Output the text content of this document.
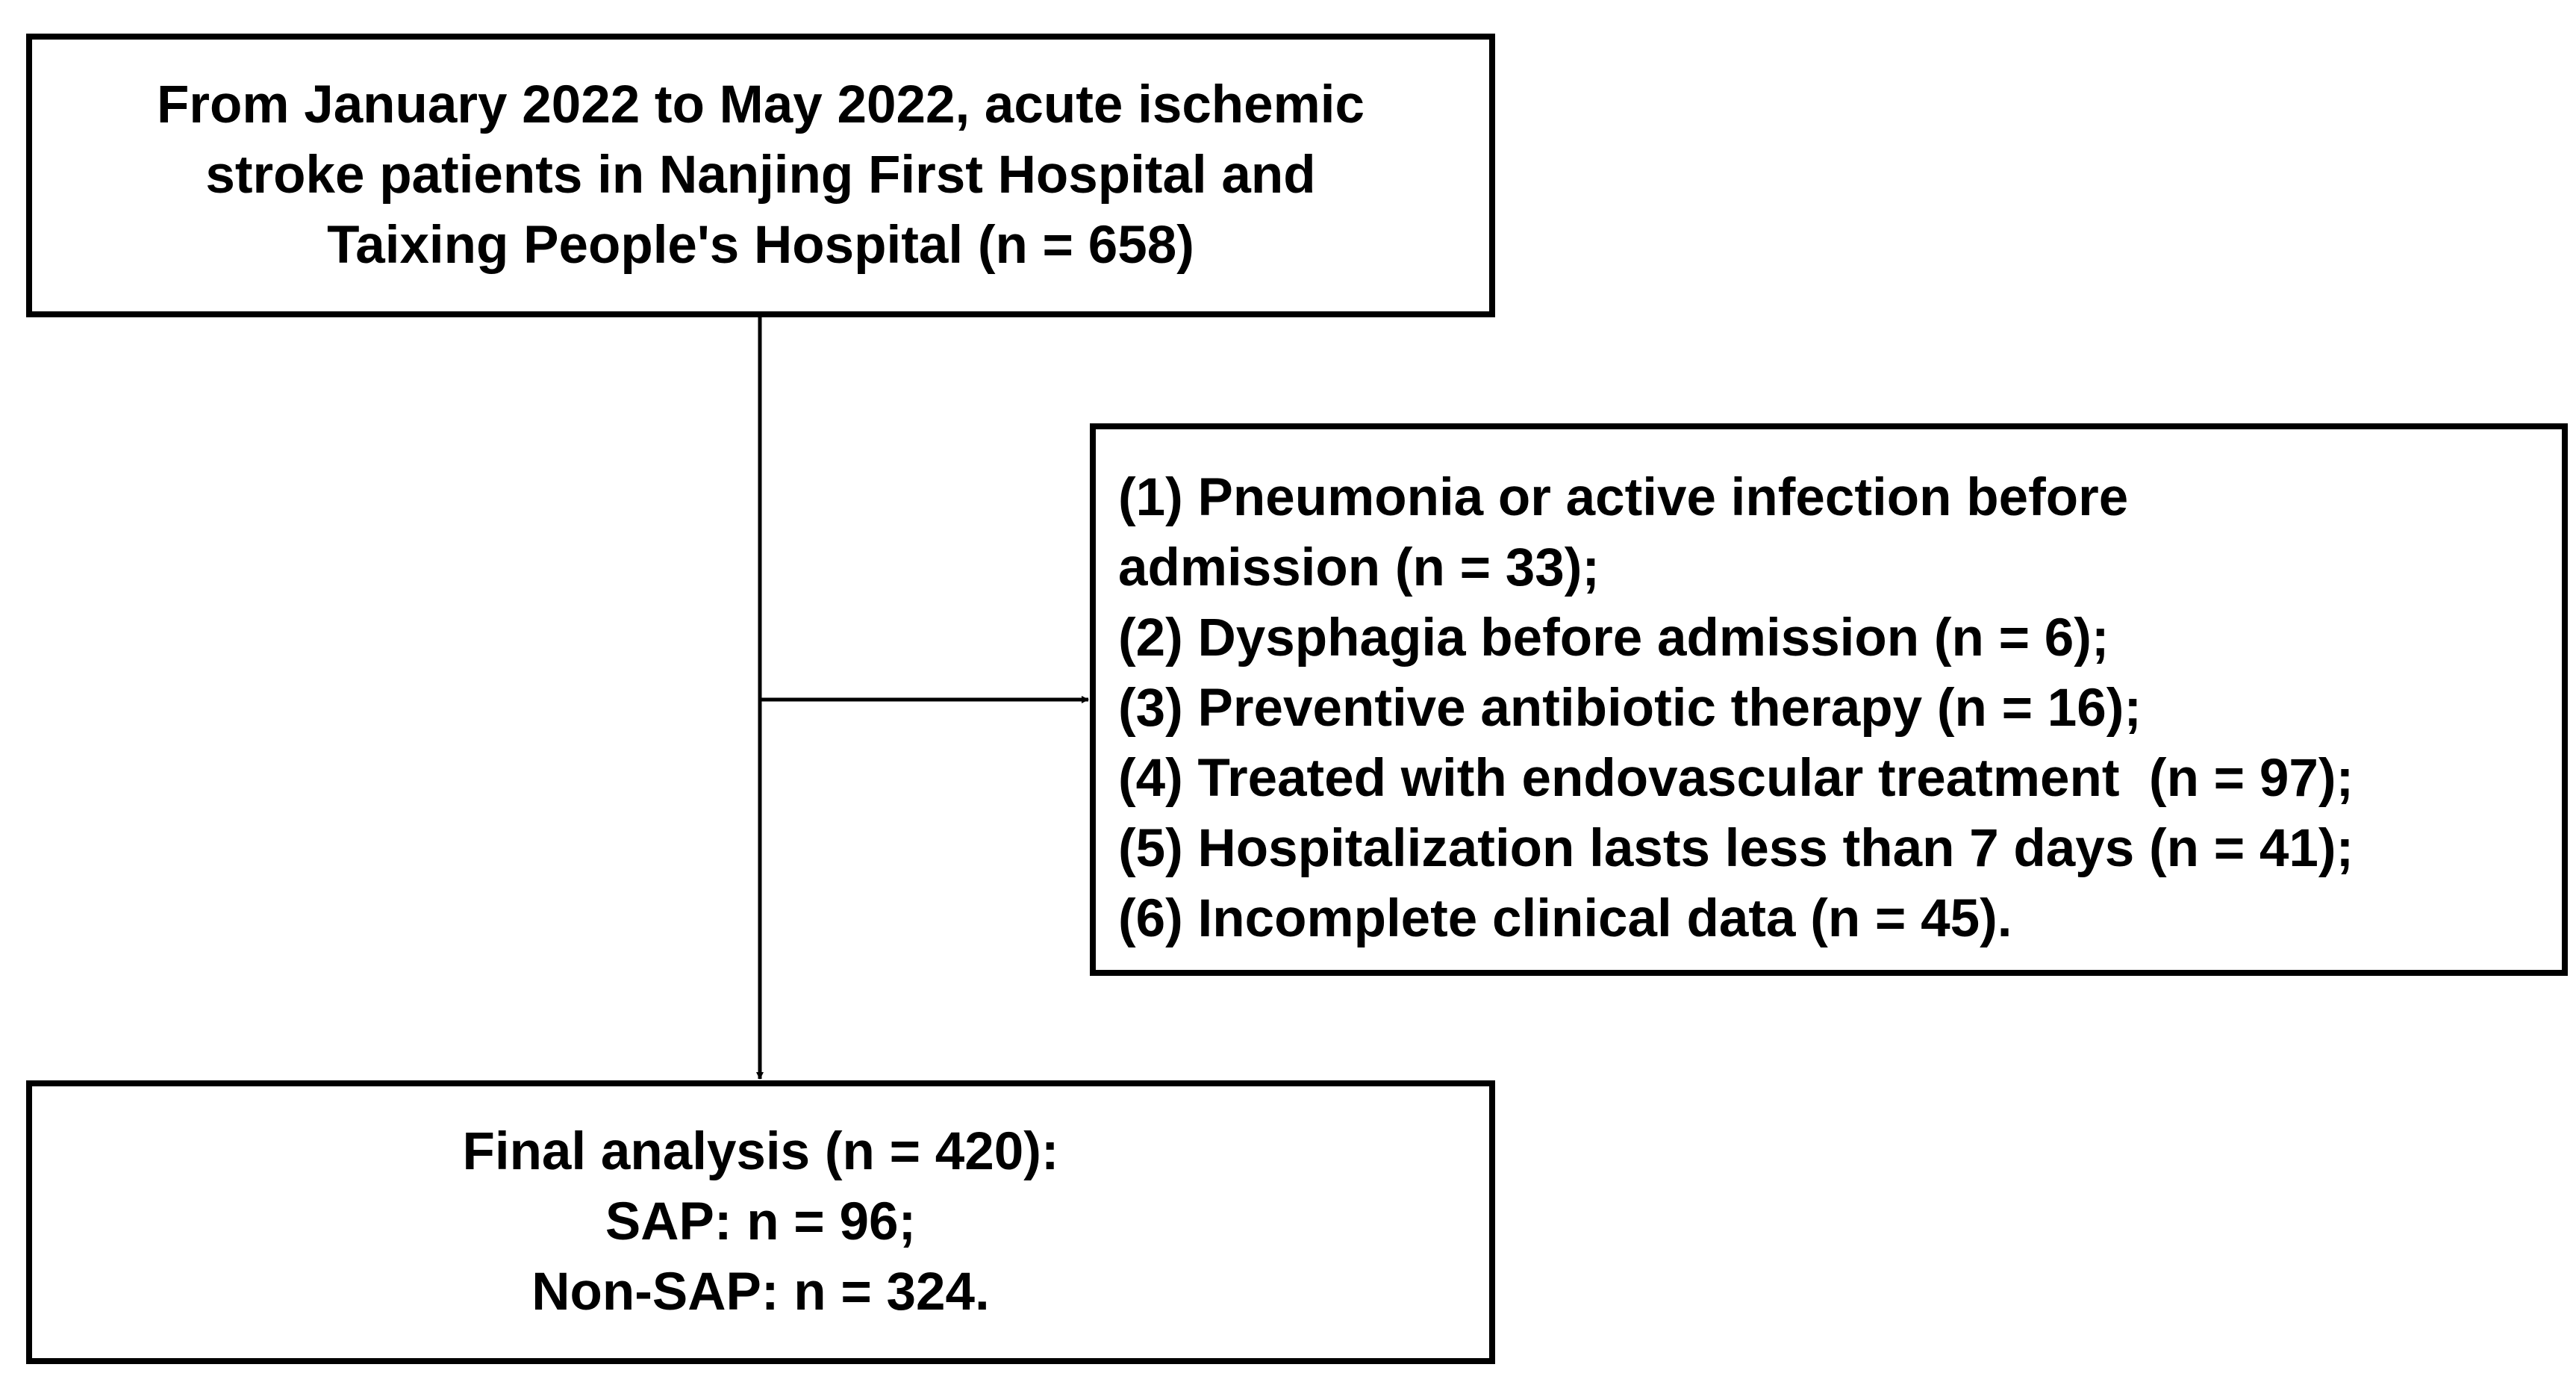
From January 2022 to May 2022, acute ischemic
stroke patients in Nanjing First Hospital and
Taixing People's Hospital (n = 658)
(1) Pneumonia or active infection before
admission (n = 33);
(2) Dysphagia before admission (n = 6);
(3) Preventive antibiotic therapy (n = 16);
(4) Treated with endovascular treatment  (n = 97);
(5) Hospitalization lasts less than 7 days (n = 41);
(6) Incomplete clinical data (n = 45).
Final analysis (n = 420):
SAP: n = 96;
Non-SAP: n = 324.
